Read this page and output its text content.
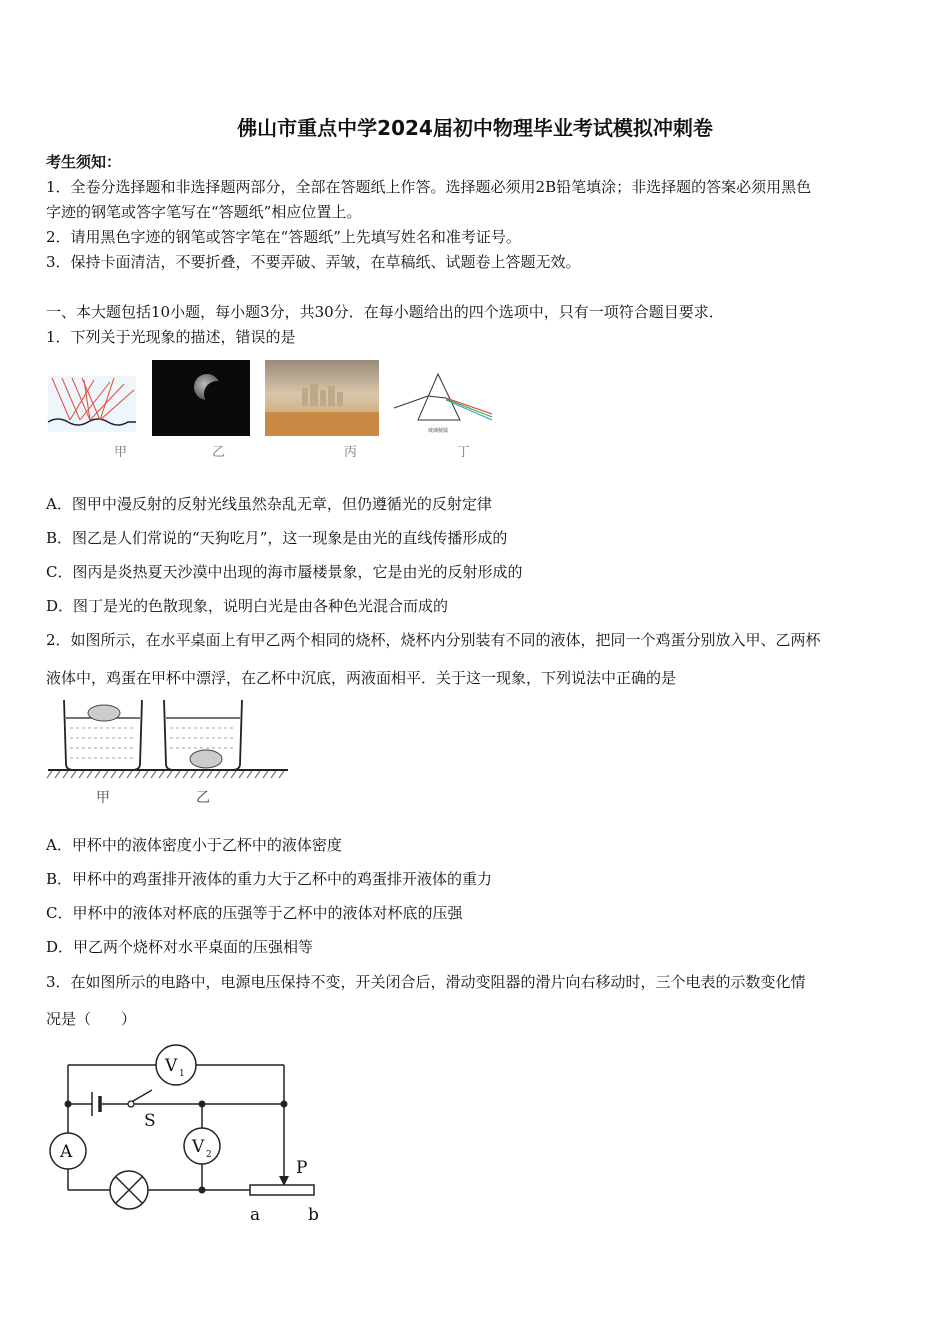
佛山市重点中学2024届初中物理毕业考试模拟冲刺卷
考生须知：
1．全卷分选择题和非选择题两部分，全部在答题纸上作答。选择题必须用2B铅笔填涂；非选择题的答案必须用黑色
字迹的钢笔或答字笔写在“答题纸”相应位置上。
2．请用黑色字迹的钢笔或答字笔在“答题纸”上先填写姓名和准考证号。
3．保持卡面清洁，不要折叠，不要弄破、弄皱，在草稿纸、试题卷上答题无效。
一、本大题包括10小题，每小题3分，共30分．在每小题给出的四个选项中，只有一项符合题目要求．
1．下列关于光现象的描述，错误的是
玻璃棱镜
甲	乙	丙	丁
A．图甲中漫反射的反射光线虽然杂乱无章，但仍遵循光的反射定律
B．图乙是人们常说的“天狗吃月”，这一现象是由光的直线传播形成的
C．图丙是炎热夏天沙漠中出现的海市蜃楼景象，它是由光的反射形成的
D．图丁是光的色散现象，说明白光是由各种色光混合而成的
2．如图所示，在水平桌面上有甲乙两个相同的烧杯，烧杯内分别装有不同的液体，把同一个鸡蛋分别放入甲、乙两杯
液体中，鸡蛋在甲杯中漂浮，在乙杯中沉底，两液面相平．关于这一现象，下列说法中正确的是
甲	乙
A．甲杯中的液体密度小于乙杯中的液体密度
B．甲杯中的鸡蛋排开液体的重力大于乙杯中的鸡蛋排开液体的重力
C．甲杯中的液体对杯底的压强等于乙杯中的液体对杯底的压强
D．甲乙两个烧杯对水平桌面的压强相等
3．在如图所示的电路中，电源电压保持不变，开关闭合后，滑动变阻器的滑片向右移动时，三个电表的示数变化情
况是（　　）
V 1
V 2
A
S
P
a	b
